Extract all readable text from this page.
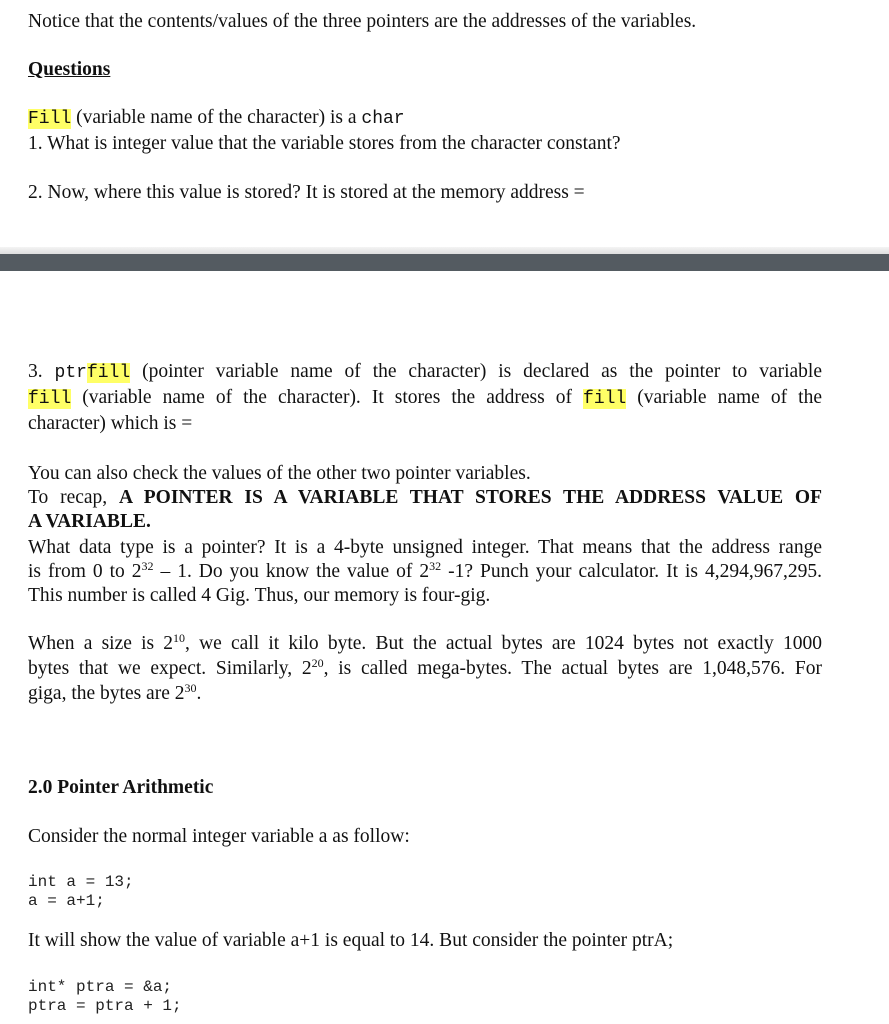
Notice that the contents/values of the three pointers are the addresses of the variables.
Questions
Fill (variable name of the character) is a char
1. What is integer value that the variable stores from the character constant?
2. Now, where this value is stored? It is stored at the memory address =
3. ptrfill (pointer variable name of the character) is declared as the pointer to variable
fill (variable name of the character). It stores the address of fill (variable name of the
character) which is =
You can also check the values of the other two pointer variables.
To recap, A POINTER IS A VARIABLE THAT STORES THE ADDRESS VALUE OF
A VARIABLE.
What data type is a pointer? It is a 4-byte unsigned integer. That means that the address range
is from 0 to $2^{32} - 1$. Do you know the value of $2^{32}$ -1? Punch your calculator. It is 4,294,967,295.
This number is called 4 Gig. Thus, our memory is four-gig.
When a size is $2^{10}$, we call it kilo byte. But the actual bytes are 1024 bytes not exactly 1000
bytes that we expect. Similarly, $2^{20}$, is called mega-bytes. The actual bytes are 1,048,576. For
giga, the bytes are $2^{30}$.
2.0 Pointer Arithmetic
Consider the normal integer variable a as follow:
int a = 13;
a = a+1;
It will show the value of variable a+1 is equal to 14. But consider the pointer ptrA;
int* ptra = &a;
ptra = ptra + 1;
